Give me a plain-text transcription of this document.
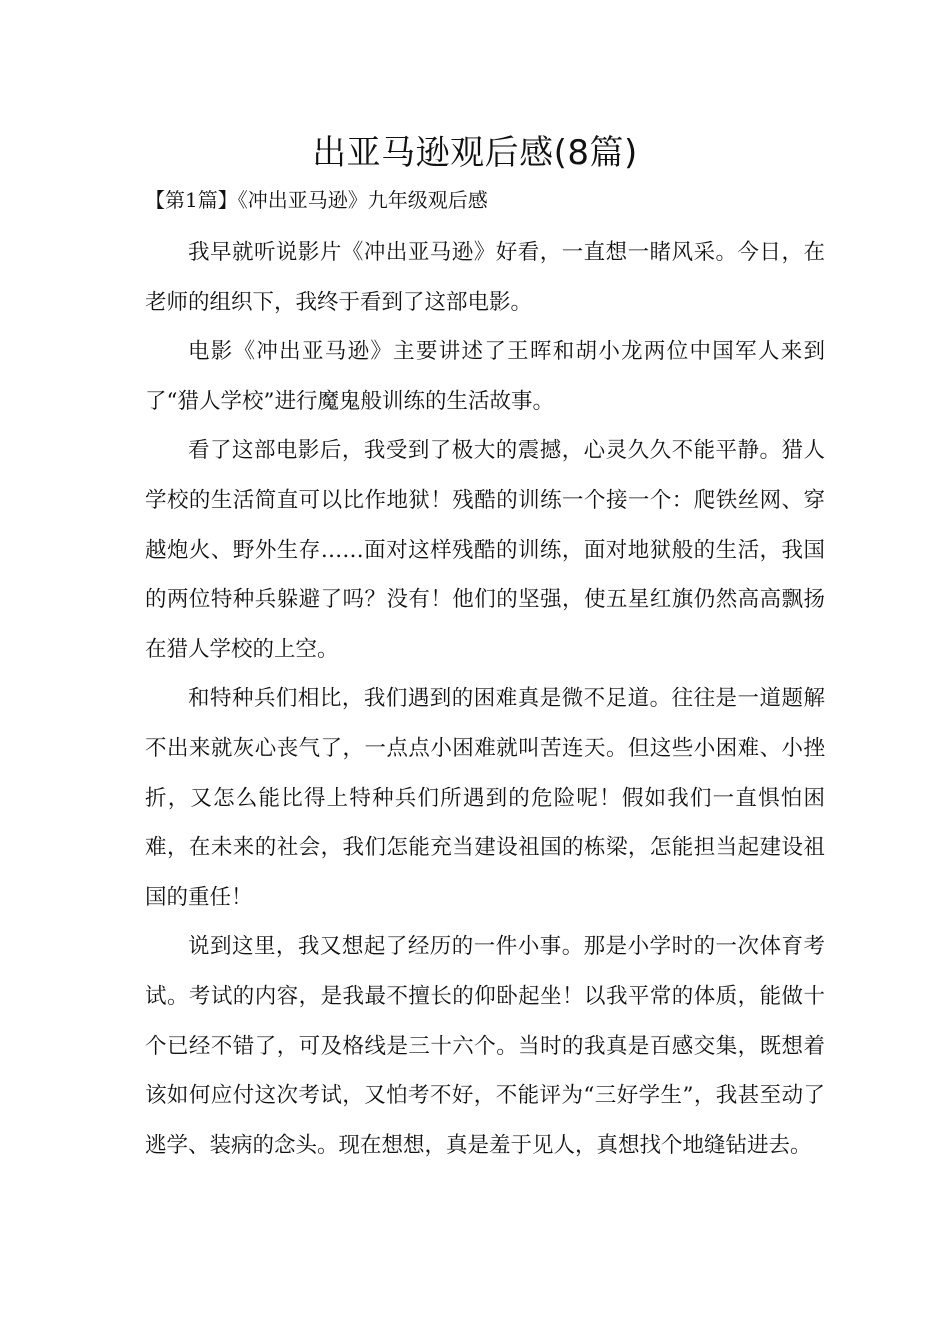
出亚马逊观后感(8篇)
【第1篇】《冲出亚马逊》九年级观后感

我早就听说影片《冲出亚马逊》好看，一直想一睹风采。今日，在老师的组织下，我终于看到了这部电影。

电影《冲出亚马逊》主要讲述了王晖和胡小龙两位中国军人来到了“猎人学校”进行魔鬼般训练的生活故事。

看了这部电影后，我受到了极大的震撼，心灵久久不能平静。猎人学校的生活简直可以比作地狱！残酷的训练一个接一个：爬铁丝网、穿越炮火、野外生存……面对这样残酷的训练，面对地狱般的生活，我国的两位特种兵躲避了吗？没有！他们的坚强，使五星红旗仍然高高飘扬在猎人学校的上空。

和特种兵们相比，我们遇到的困难真是微不足道。往往是一道题解不出来就灰心丧气了，一点点小困难就叫苦连天。但这些小困难、小挫折，又怎么能比得上特种兵们所遇到的危险呢！假如我们一直惧怕困难，在未来的社会，我们怎能充当建设祖国的栋梁，怎能担当起建设祖国的重任！

说到这里，我又想起了经历的一件小事。那是小学时的一次体育考试。考试的内容，是我最不擅长的仰卧起坐！以我平常的体质，能做十个已经不错了，可及格线是三十六个。当时的我真是百感交集，既想着该如何应付这次考试，又怕考不好，不能评为“三好学生”，我甚至动了逃学、装病的念头。现在想想，真是羞于见人，真想找个地缝钻进去。
